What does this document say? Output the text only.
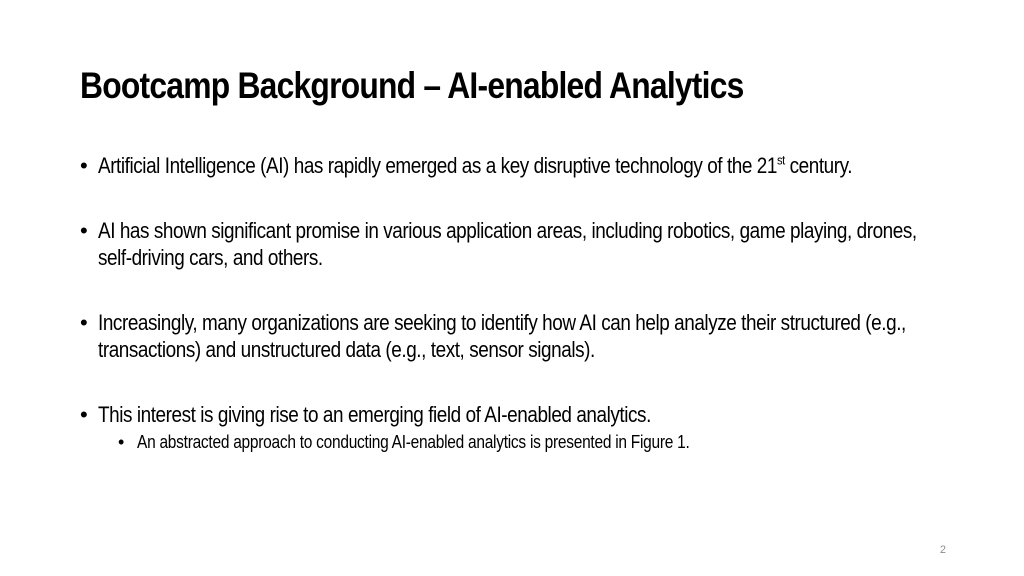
Bootcamp Background – AI-enabled Analytics
• Artificial Intelligence (AI) has rapidly emerged as a key disruptive technology of the 21st century.
• AI has shown significant promise in various application areas, including robotics, game playing, drones, self-driving cars, and others.
• Increasingly, many organizations are seeking to identify how AI can help analyze their structured (e.g., transactions) and unstructured data (e.g., text, sensor signals).
• This interest is giving rise to an emerging field of AI-enabled analytics.
• An abstracted approach to conducting AI-enabled analytics is presented in Figure 1.
2
